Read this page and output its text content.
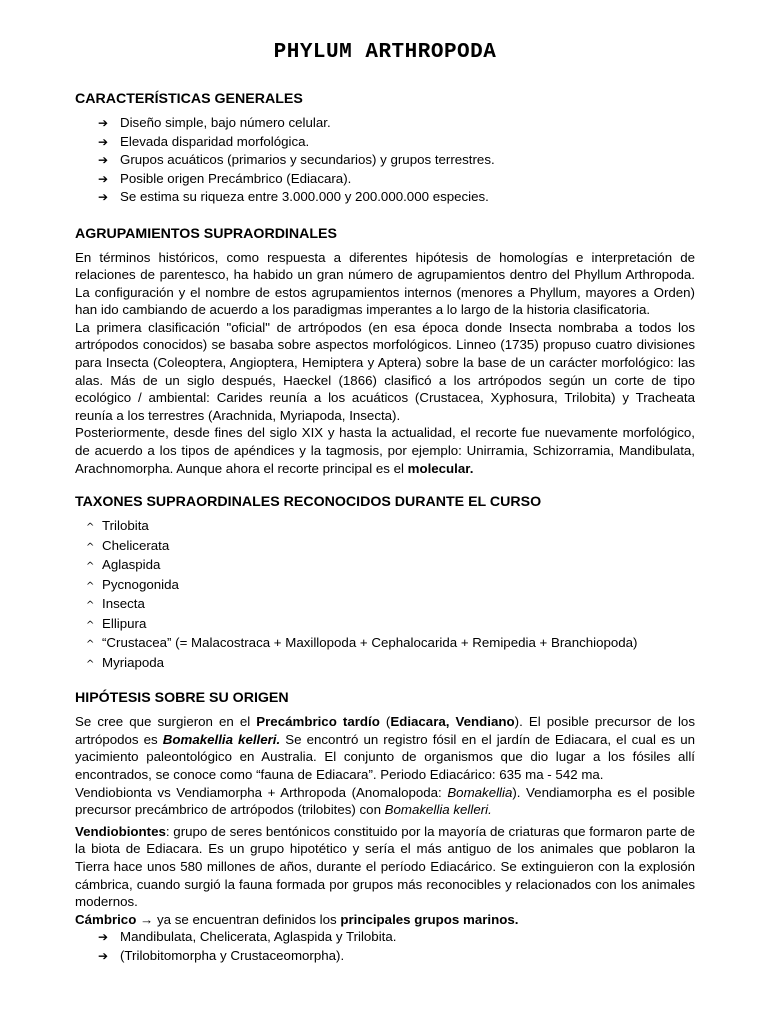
PHYLUM ARTHROPODA
CARACTERÍSTICAS GENERALES
➔ Diseño simple, bajo número celular.
➔ Elevada disparidad morfológica.
➔ Grupos acuáticos (primarios y secundarios) y grupos terrestres.
➔ Posible origen Precámbrico (Ediacara).
➔ Se estima su riqueza entre 3.000.000 y 200.000.000 especies.
AGRUPAMIENTOS SUPRAORDINALES

En términos históricos, como respuesta a diferentes hipótesis de homologías e interpretación de relaciones de parentesco, ha habido un gran número de agrupamientos dentro del Phyllum Arthropoda. La configuración y el nombre de estos agrupamientos internos (menores a Phyllum, mayores a Orden) han ido cambiando de acuerdo a los paradigmas imperantes a lo largo de la historia clasificatoria.

La primera clasificación "oficial" de artrópodos (en esa época donde Insecta nombraba a todos los artrópodos conocidos) se basaba sobre aspectos morfológicos. Linneo (1735) propuso cuatro divisiones para Insecta (Coleoptera, Angioptera, Hemiptera y Aptera) sobre la base de un carácter morfológico: las alas. Más de un siglo después, Haeckel (1866) clasificó a los artrópodos según un corte de tipo ecológico / ambiental: Carides reunía a los acuáticos (Crustacea, Xyphosura, Trilobita) y Tracheata reunía a los terrestres (Arachnida, Myriapoda, Insecta).

Posteriormente, desde fines del siglo XIX y hasta la actualidad, el recorte fue nuevamente morfológico, de acuerdo a los tipos de apéndices y la tagmosis, por ejemplo: Unirramia, Schizorramia, Mandibulata, Arachnomorpha. Aunque ahora el recorte principal es el molecular.

TAXONES SUPRAORDINALES RECONOCIDOS DURANTE EL CURSO
^ Trilobita
^ Chelicerata
^ Aglaspida
^ Pycnogonida
^ Insecta
^ Ellipura
^ “Crustacea” (= Malacostraca + Maxillopoda + Cephalocarida + Remipedia + Branchiopoda)
^ Myriapoda
HIPÓTESIS SOBRE SU ORIGEN

Se cree que surgieron en el Precámbrico tardío (Ediacara, Vendiano). El posible precursor de los artrópodos es Bomakellia kelleri. Se encontró un registro fósil en el jardín de Ediacara, el cual es un yacimiento paleontológico en Australia. El conjunto de organismos que dio lugar a los fósiles allí encontrados, se conoce como “fauna de Ediacara”. Periodo Ediacárico: 635 ma - 542 ma.

Vendiobionta vs Vendiamorpha + Arthropoda (Anomalopoda: Bomakellia). Vendiamorpha es el posible precursor precámbrico de artrópodos (trilobites) con Bomakellia kelleri.

Vendiobiontes: grupo de seres bentónicos constituido por la mayoría de criaturas que formaron parte de la biota de Ediacara. Es un grupo hipotético y sería el más antiguo de los animales que poblaron la Tierra hace unos 580 millones de años, durante el período Ediacárico. Se extinguieron con la explosión cámbrica, cuando surgió la fauna formada por grupos más reconocibles y relacionados con los animales modernos.

Cámbrico → ya se encuentran definidos los principales grupos marinos.

➔ Mandibulata, Chelicerata, Aglaspida y Trilobita.
➔ (Trilobitomorpha y Crustaceomorpha).
